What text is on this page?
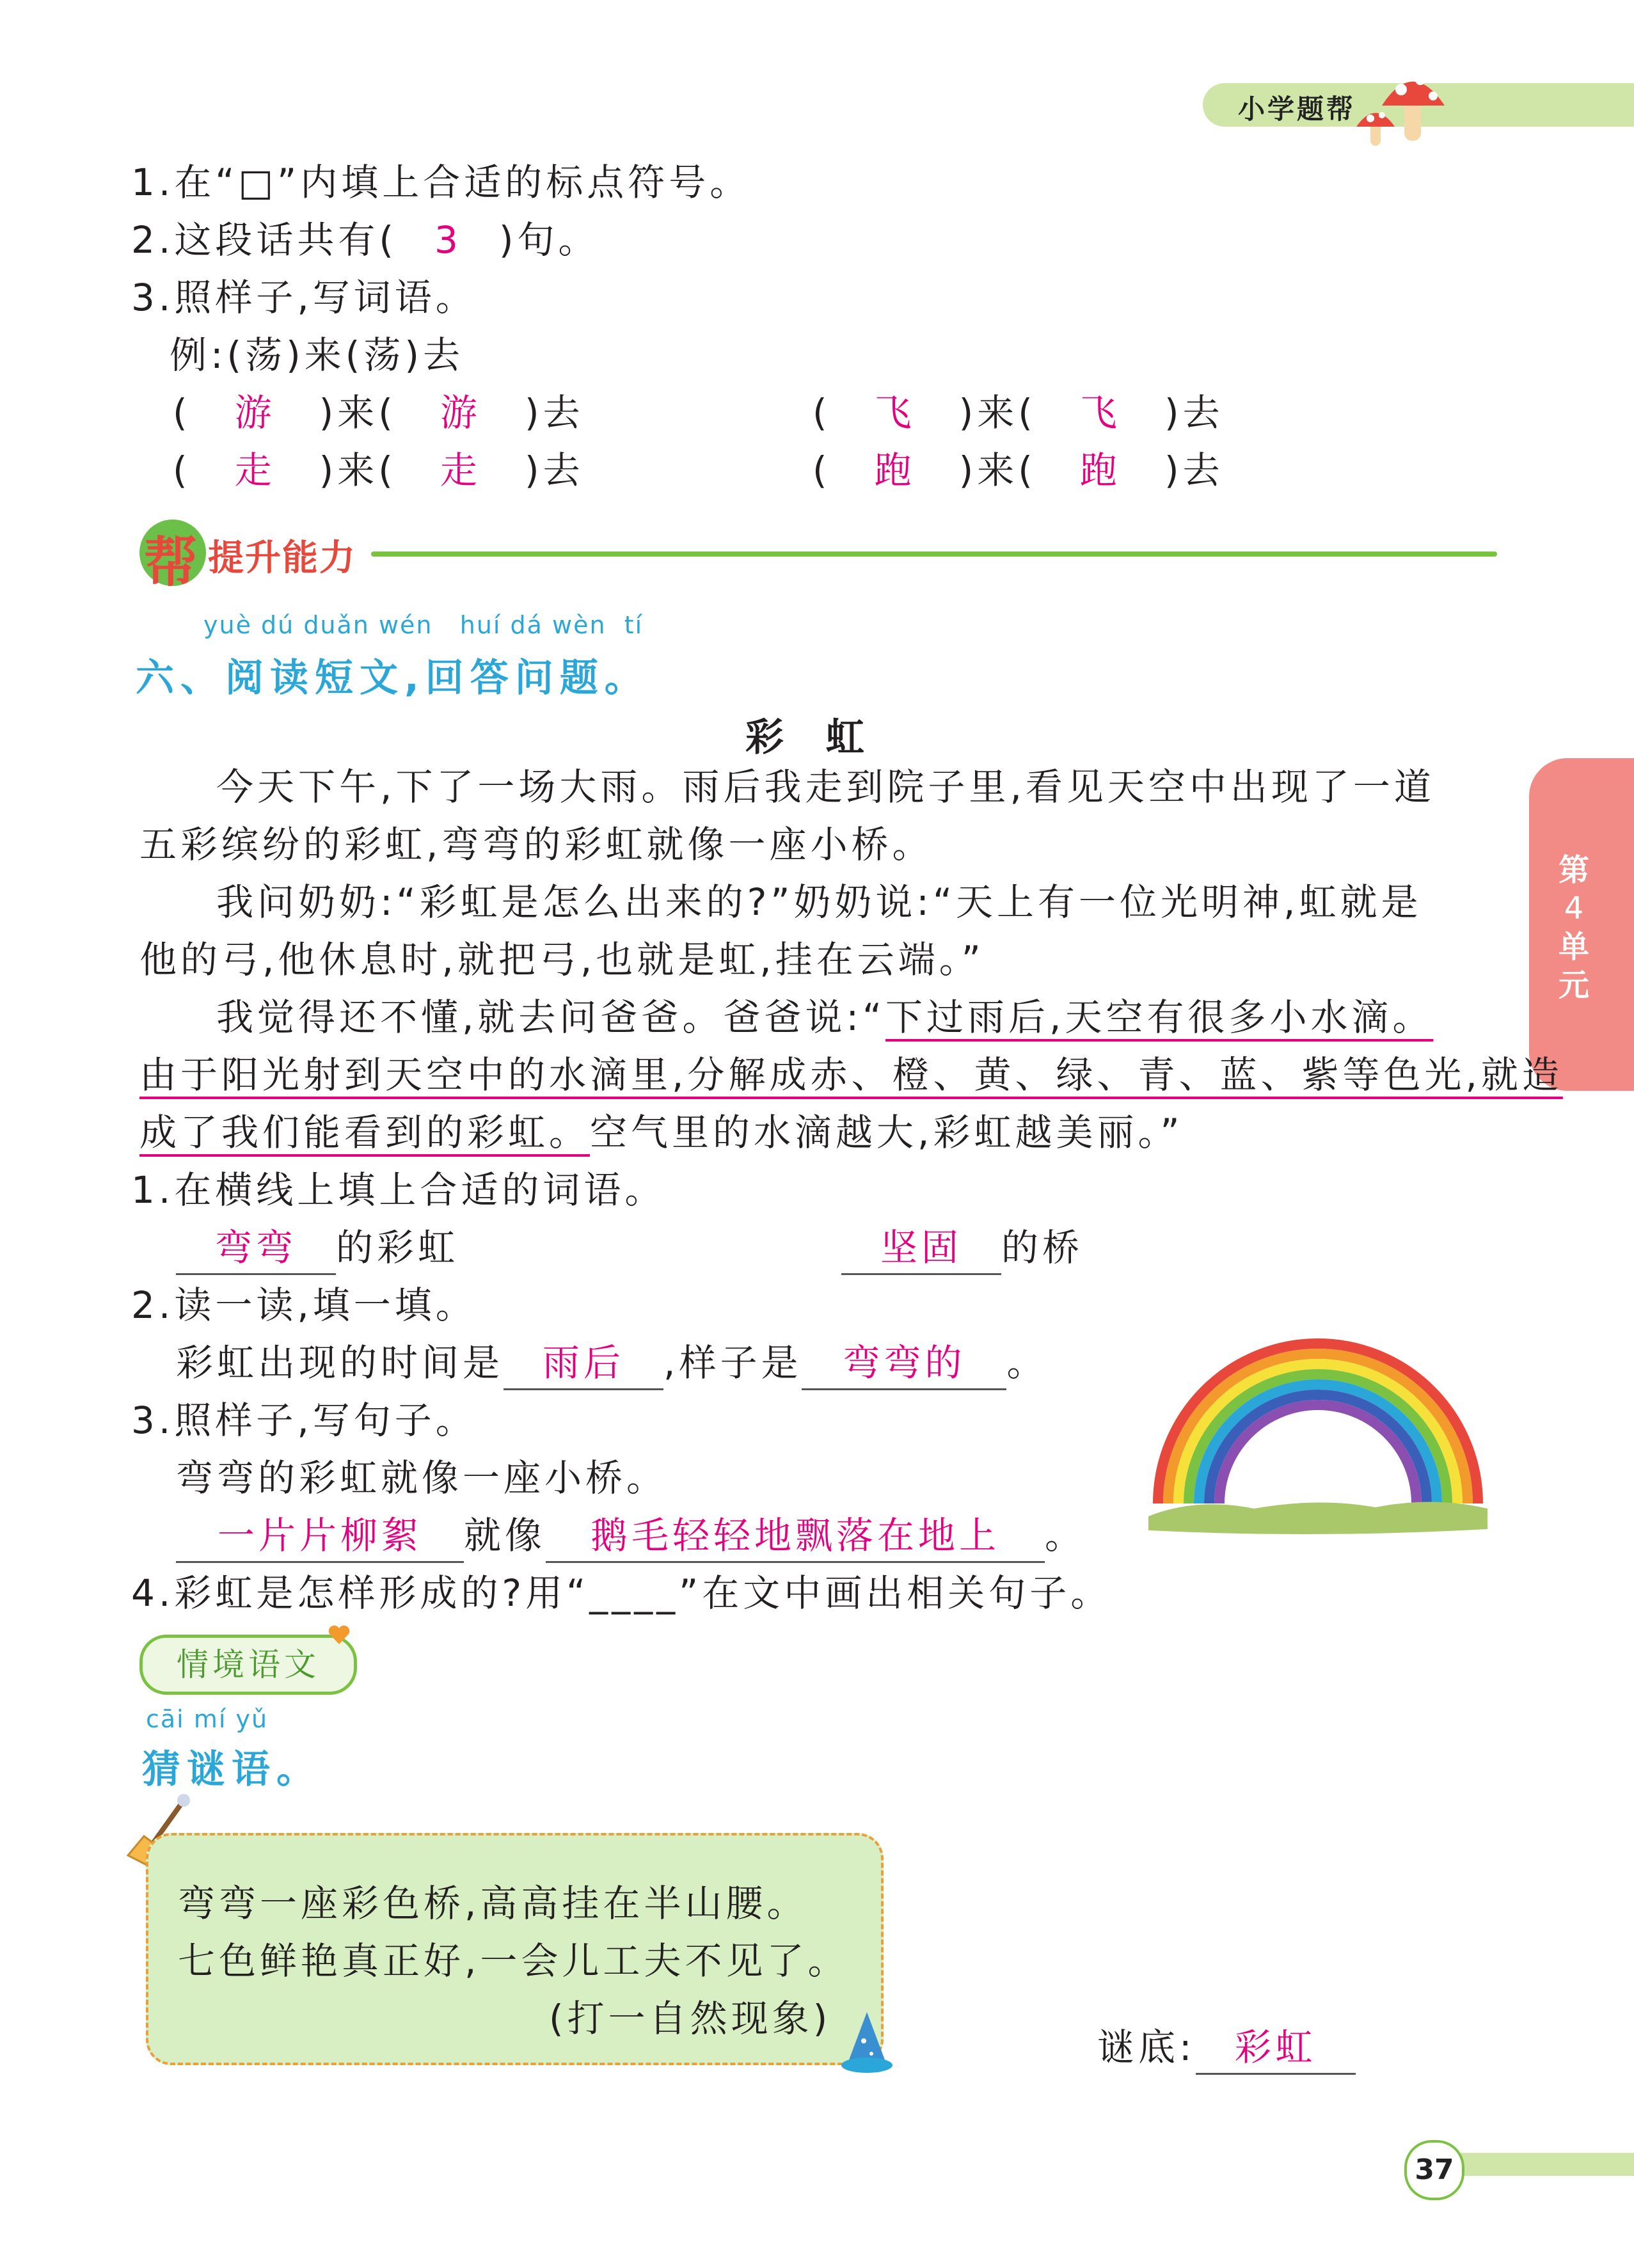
小学题帮
第
4
单
元
1.在“□”内填上合适的标点符号。
2.这段话共有( 3 )句。
3.照样子,写词语。
例:(荡)来(荡)去
( 游 )来( 游 )去	( 飞 )来( 飞 )去
( 走 )来( 走 )去	( 跑 )来( 跑 )去
帮 提升能力
yuè dú duǎn wén   huí dá wèn  tí
六、阅读短文,回答问题。
彩  虹
今天下午,下了一场大雨。雨后我走到院子里,看见天空中出现了一道
五彩缤纷的彩虹,弯弯的彩虹就像一座小桥。
我问奶奶:“彩虹是怎么出来的?”奶奶说:“天上有一位光明神,虹就是
他的弓,他休息时,就把弓,也就是虹,挂在云端。”
我觉得还不懂,就去问爸爸。爸爸说:“下过雨后,天空有很多小水滴。
由于阳光射到天空中的水滴里,分解成赤、橙、黄、绿、青、蓝、紫等色光,就造
成了我们能看到的彩虹。空气里的水滴越大,彩虹越美丽。”
1.在横线上填上合适的词语。
弯弯 的彩虹	坚固 的桥
2.读一读,填一填。
彩虹出现的时间是 雨后 ,样子是 弯弯的 。
3.照样子,写句子。
弯弯的彩虹就像一座小桥。
一片片柳絮 就像 鹅毛轻轻地飘落在地上 。
4.彩虹是怎样形成的?用“____”在文中画出相关句子。
情境语文
cāi mí yǔ
猜谜语。
弯弯一座彩色桥,高高挂在半山腰。
七色鲜艳真正好,一会儿工夫不见了。
(打一自然现象)
谜底: 彩虹
37
